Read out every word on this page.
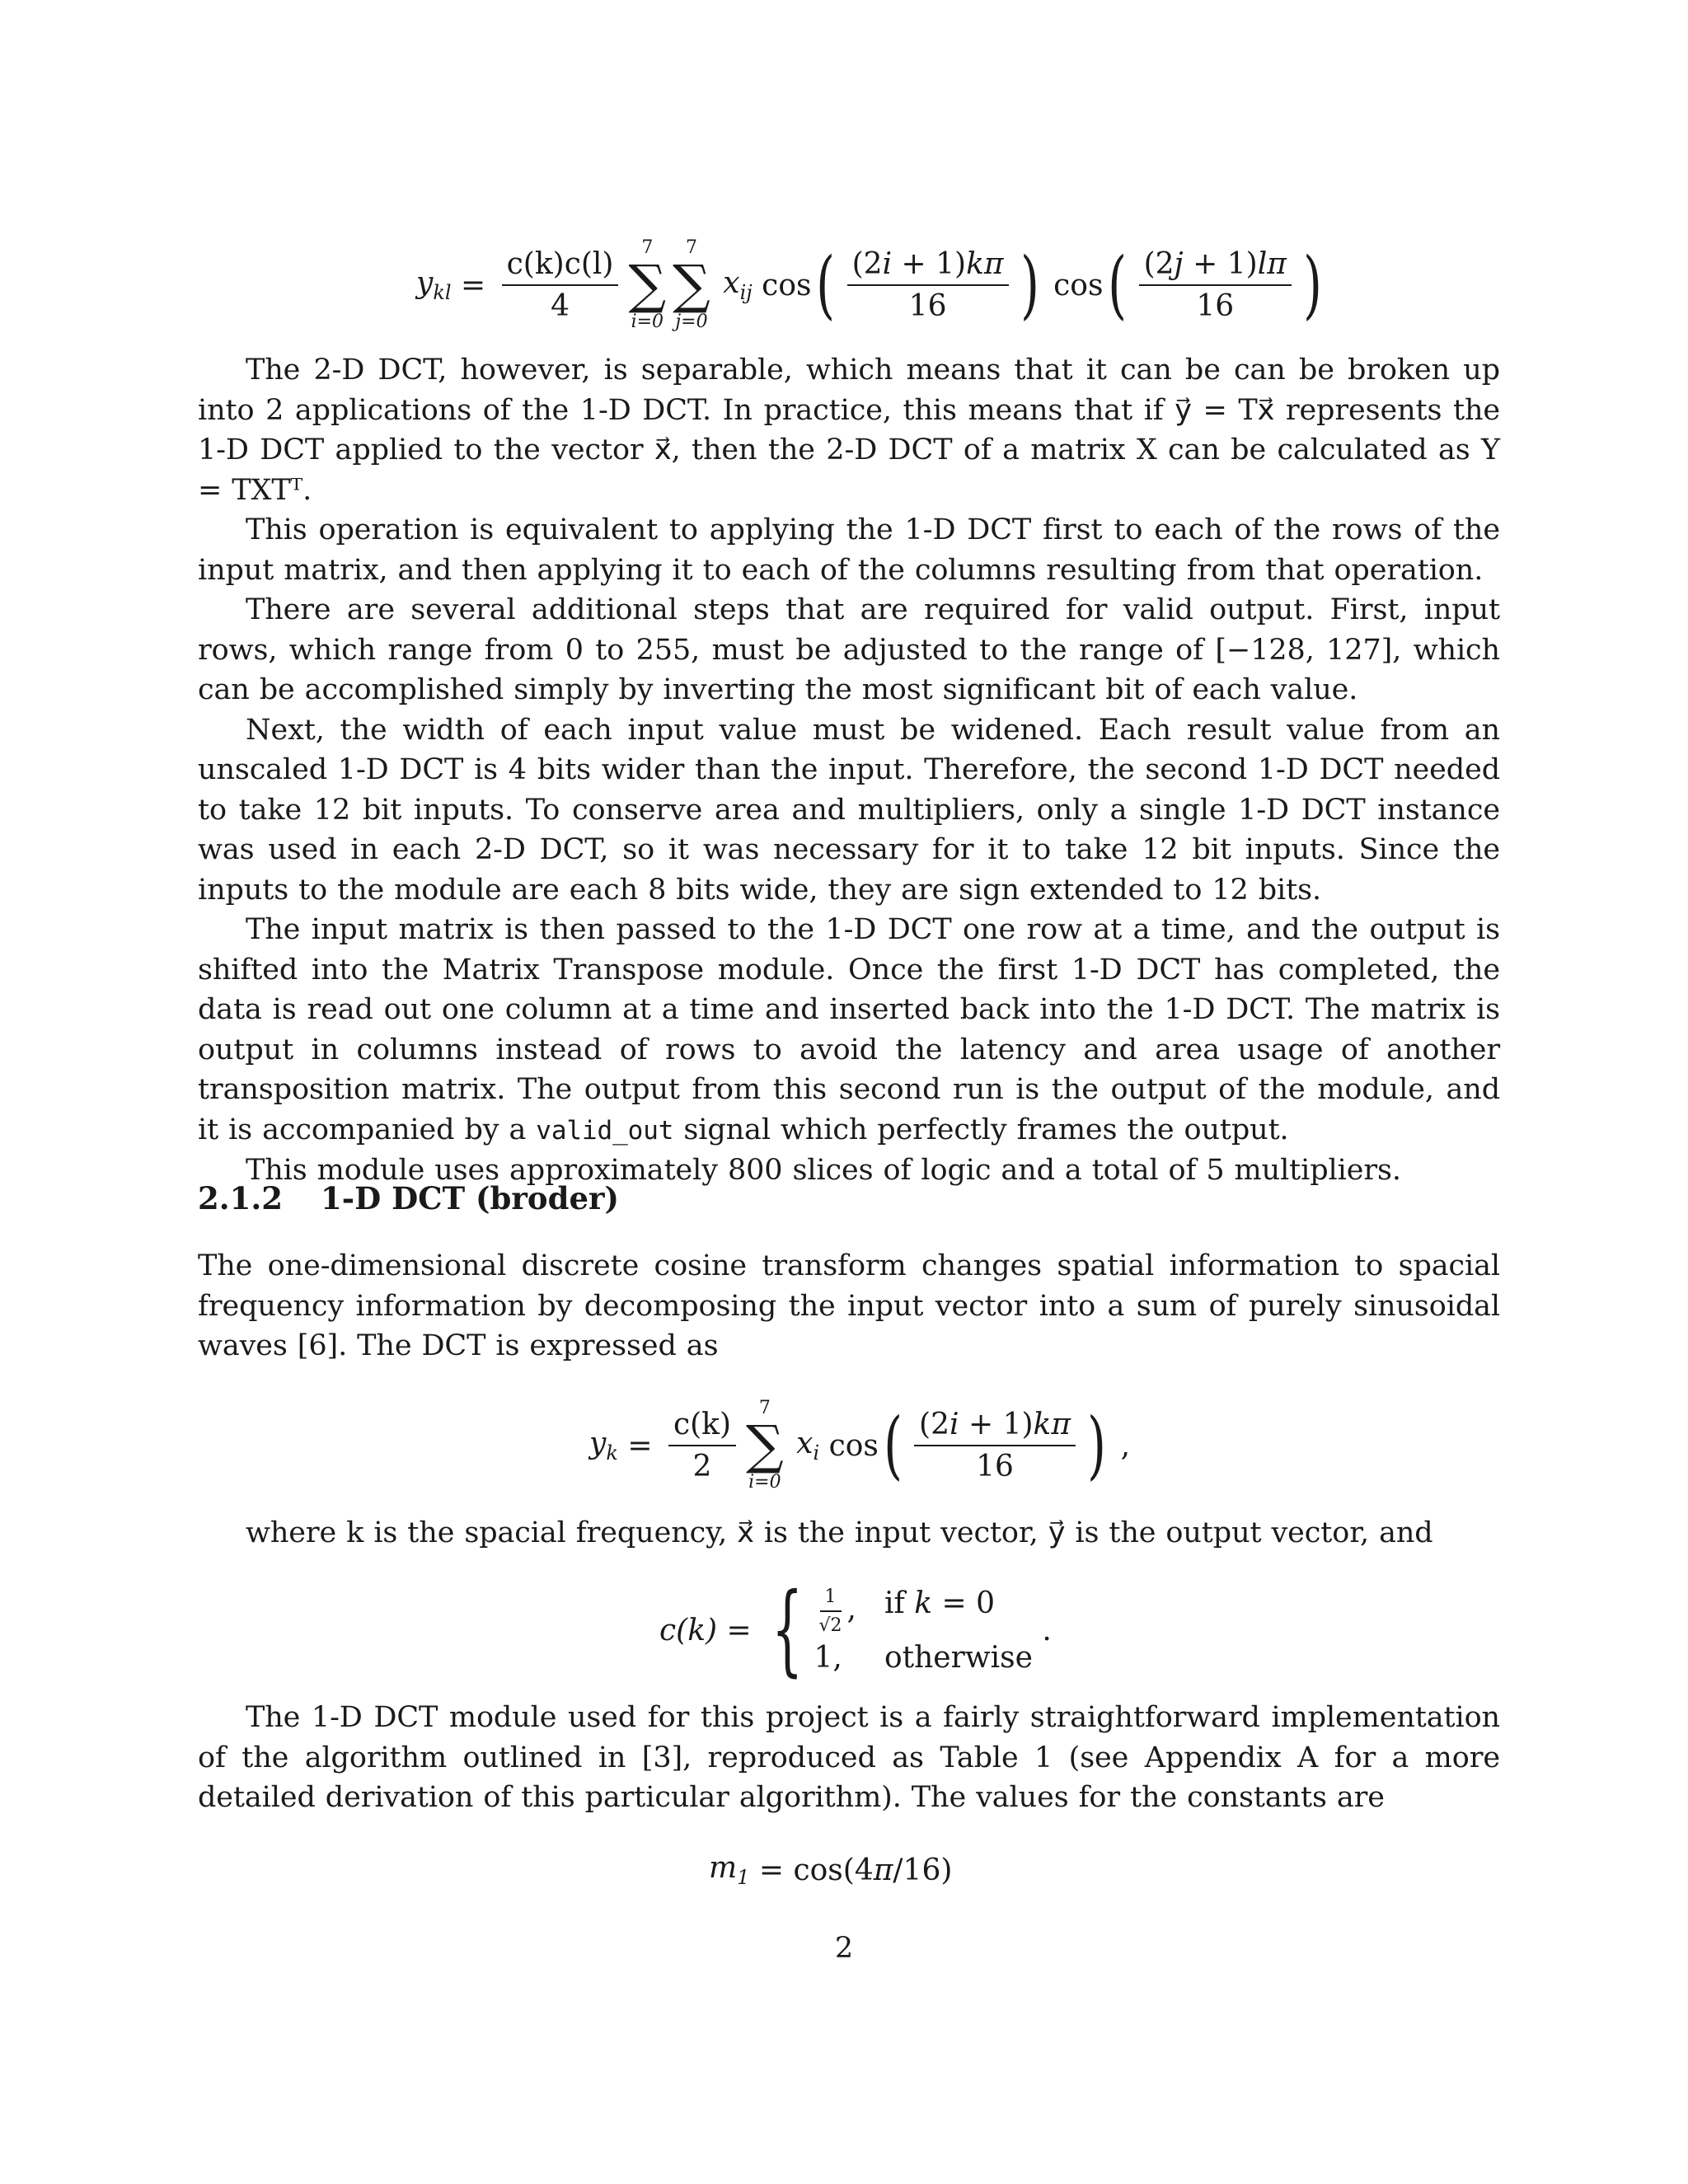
$y_{kl} = \frac{c(k)c(l)}{4} 7$
∑
i=0
7
∑
j=0
$x_{ij}$ cos ( $\frac{(2i + 1)k\pi}{16}$ ) cos ( $\frac{(2j + 1)l\pi}{16}$ )

The 2-D DCT, however, is separable, which means that it can be can be broken up into 2 applications of the 1-D DCT. In practice, this means that if y⃗ = Tx⃗ represents the 1-D DCT applied to the vector x⃗, then the 2-D DCT of a matrix X can be calculated as Y = TXTᵀ.

This operation is equivalent to applying the 1-D DCT first to each of the rows of the input matrix, and then applying it to each of the columns resulting from that operation.

There are several additional steps that are required for valid output. First, input rows, which range from 0 to 255, must be adjusted to the range of [−128, 127], which can be accomplished simply by inverting the most significant bit of each value.

Next, the width of each input value must be widened. Each result value from an unscaled 1-D DCT is 4 bits wider than the input. Therefore, the second 1-D DCT needed to take 12 bit inputs. To conserve area and multipliers, only a single 1-D DCT instance was used in each 2-D DCT, so it was necessary for it to take 12 bit inputs. Since the inputs to the module are each 8 bits wide, they are sign extended to 12 bits.

The input matrix is then passed to the 1-D DCT one row at a time, and the output is shifted into the Matrix Transpose module. Once the first 1-D DCT has completed, the data is read out one column at a time and inserted back into the 1-D DCT. The matrix is output in columns instead of rows to avoid the latency and area usage of another transposition matrix. The output from this second run is the output of the module, and it is accompanied by a valid_out signal which perfectly frames the output.

This module uses approximately 800 slices of logic and a total of 5 multipliers.

2.1.2 1-D DCT (broder)

The one-dimensional discrete cosine transform changes spatial information to spacial frequency information by decomposing the input vector into a sum of purely sinusoidal waves [6]. The DCT is expressed as

$y_k = \frac{c(k)}{2} 7$
∑
i=0
$x_i$ cos ( $\frac{(2i + 1)k\pi}{16}$ ) ,

where k is the spacial frequency, x⃗ is the input vector, y⃗ is the output vector, and

c(k) = { $\frac{1}{√2}$ , if k = 0
1,	otherwise
.

The 1-D DCT module used for this project is a fairly straightforward implementation of the algorithm outlined in [3], reproduced as Table 1 (see Appendix A for a more detailed derivation of this particular algorithm). The values for the constants are

$m_1 = \cos(4$ π /16)
2
